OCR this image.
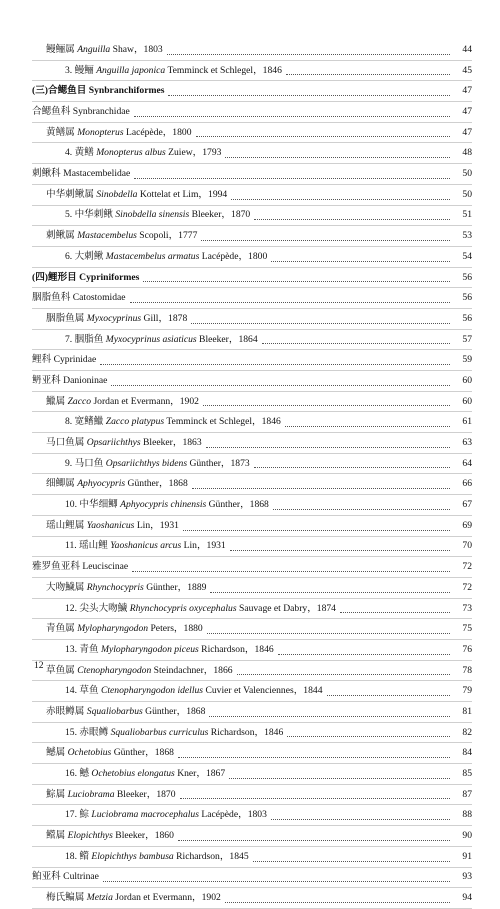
鳗鲡属 Anguilla Shaw，1803	44
3. 鳗鲡 Anguilla japonica Temminck et Schlegel，1846	45
(三)合鳃鱼目 Synbranchiformes	47
合鳃鱼科 Synbranchidae	47
黄鳝属 Monopterus Lacépède，1800	47
4. 黄鳝 Monopterus albus Zuiew，1793	48
刺鳅科 Mastacembelidae	50
中华刺鳅属 Sinobdella Kottelat et Lim，1994	50
5. 中华刺鳅 Sinobdella sinensis Bleeker，1870	51
刺鳅属 Mastacembelus Scopoli，1777	53
6. 大刺鳅 Mastacembelus armatus Lacépède，1800	54
(四)鲤形目 Cypriniformes	56
胭脂鱼科 Catostomidae	56
胭脂鱼属 Myxocyprinus Gill，1878	56
7. 胭脂鱼 Myxocyprinus asiaticus Bleeker，1864	57
鲤科 Cyprinidae	59
鿕亚科 Danioninae	60
鱲属 Zacco Jordan et Evermann，1902	60
8. 宽鳍鱲 Zacco platypus Temminck et Schlegel，1846	61
马口鱼属 Opsariichthys Bleeker，1863	63
9. 马口鱼 Opsariichthys bidens Günther，1873	64
细鲫属 Aphyocypris Günther，1868	66
10. 中华细鲫 Aphyocypris chinensis Günther，1868	67
瑶山鲤属 Yaoshanicus Lin，1931	69
11. 瑶山鲤 Yaoshanicus arcus Lin，1931	70
雅罗鱼亚科 Leuciscinae	72
大吻鱥属 Rhynchocypris Günther，1889	72
12. 尖头大吻鱥 Rhynchocypris oxycephalus Sauvage et Dabry，1874	73
青鱼属 Mylopharyngodon Peters，1880	75
13. 青鱼 Mylopharyngodon piceus Richardson，1846	76
草鱼属 Ctenopharyngodon Steindachner，1866	78
14. 草鱼 Ctenopharyngodon idellus Cuvier et Valenciennes，1844	79
赤眼鳟属 Squaliobarbus Günther，1868	81
15. 赤眼鳟 Squaliobarbus curriculus Richardson，1846	82
鳡属 Ochetobius Günther，1868	84
16. 鳡 Ochetobius elongatus Kner，1867	85
鯮属 Luciobrama Bleeker，1870	87
17. 鯮 Luciobrama macrocephalus Lacépède，1803	88
鳤属 Elopichthys Bleeker，1860	90
18. 鳤 Elopichthys bambusa Richardson，1845	91
鲌亚科 Cultrinae	93
梅氏鳊属 Metzia Jordan et Evermann，1902	94
12
